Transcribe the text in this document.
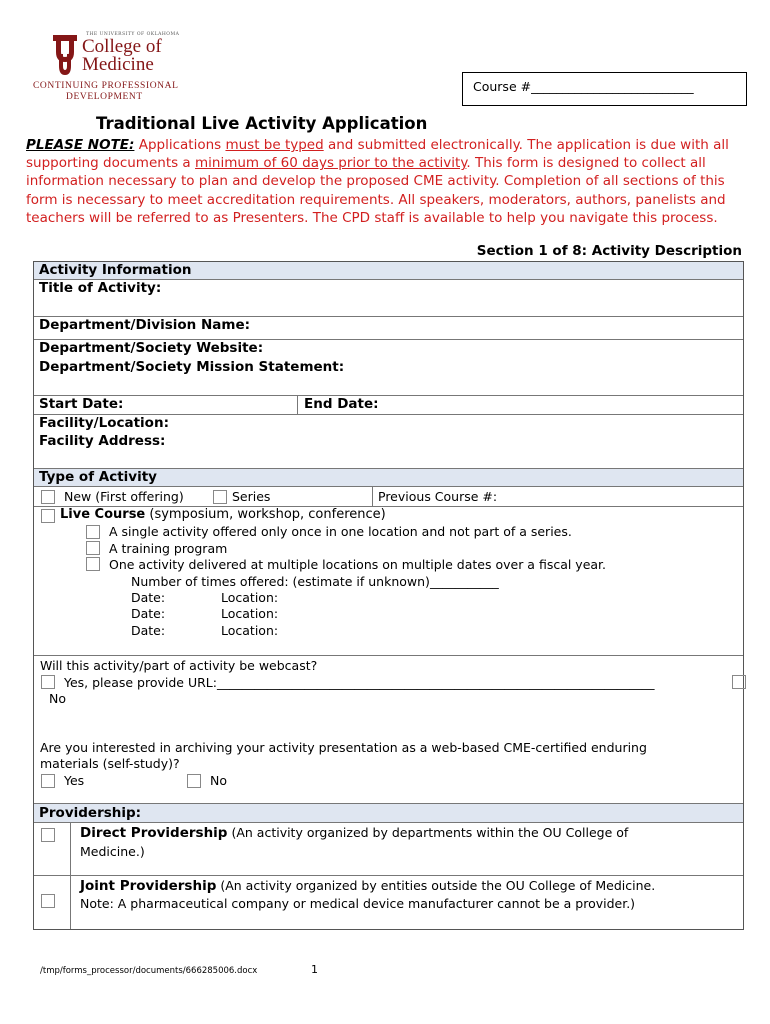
THE UNIVERSITY OF OKLAHOMA
College of
Medicine
CONTINUING PROFESSIONAL
DEVELOPMENT
Course #__________________________
Traditional Live Activity Application
PLEASE NOTE: Applications must be typed and submitted electronically. The application is due with all supporting documents a minimum of 60 days prior to the activity. This form is designed to collect all information necessary to plan and develop the proposed CME activity. Completion of all sections of this form is necessary to meet accreditation requirements. All speakers, moderators, authors, panelists and teachers will be referred to as Presenters. The CPD staff is available to help you navigate this process.
Section 1 of 8: Activity Description
Activity Information
Title of Activity:
Department/Division Name:
Department/Society Website:
Department/Society Mission Statement:
Start Date:	End Date:
Facility/Location:
Facility Address:
Type of Activity
New (First offering)	Series	Previous Course #:
Live Course (symposium, workshop, conference)
A single activity offered only once in one location and not part of a series.
A training program
One activity delivered at multiple locations on multiple dates over a fiscal year.
Number of times offered: (estimate if unknown)___________
Date:	Location:
Date:	Location:
Date:	Location:
Will this activity/part of activity be webcast?
Yes, please provide URL:______________________________________________________________________
No
Are you interested in archiving your activity presentation as a web-based CME-certified enduring
materials (self-study)?
Yes	No
Providership:
Direct Providership (An activity organized by departments within the OU College of
Medicine.)
Joint Providership (An activity organized by entities outside the OU College of Medicine.
Note: A pharmaceutical company or medical device manufacturer cannot be a provider.)
/tmp/forms_processor/documents/666285006.docx	1
